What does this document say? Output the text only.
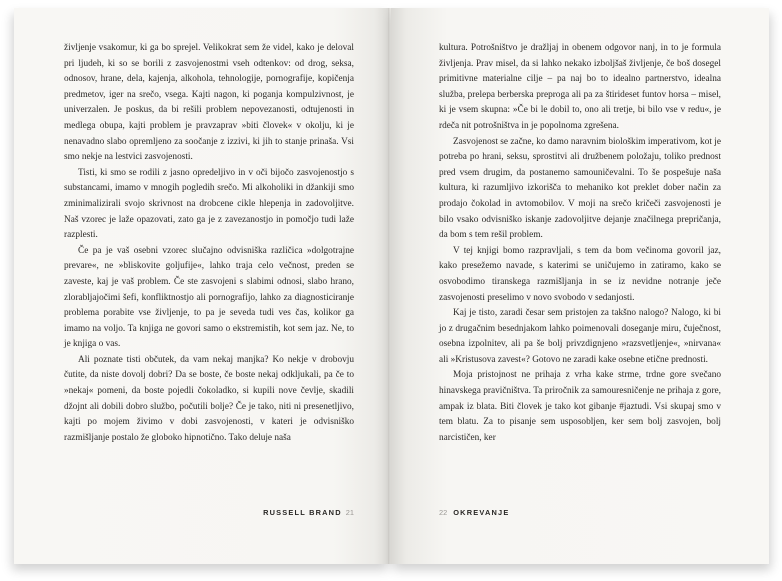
življenje vsakomur, ki ga bo sprejel. Velikokrat sem že videl, kako je deloval pri ljudeh, ki so se borili z zasvojenostmi vseh odtenkov: od drog, seksa, odnosov, hrane, dela, kajenja, alkohola, tehnologije, pornografije, kopičenja predmetov, iger na srečo, vsega. Kajti nagon, ki poganja kompulzivnost, je univerzalen. Je poskus, da bi rešili problem nepovezanosti, odtujenosti in medlega obupa, kajti problem je pravzaprav »biti človek« v okolju, ki je nenavadno slabo opremljeno za soočanje z izzivi, ki jih to stanje prinaša. Vsi smo nekje na lestvici zasvojenosti.

Tisti, ki smo se rodili z jasno opredeljivo in v oči bijočo zasvojenostjo s substancami, imamo v mnogih pogledih srečo. Mi alkoholiki in džankiji smo zminimalizirali svojo skrivnost na drobcene cikle hlepenja in zadovoljitve. Naš vzorec je laže opazovati, zato ga je z zavezanostjo in pomočjo tudi laže razplesti.

Če pa je vaš osebni vzorec slučajno odvisniška različica »dolgotrajne prevare«, ne »bliskovite goljufije«, lahko traja celo večnost, preden se zaveste, kaj je vaš problem. Če ste zasvojeni s slabimi odnosi, slabo hrano, zlorabljajočimi šefi, konfliktnostjo ali pornografijo, lahko za diagnosticiranje problema porabite vse življenje, to pa je seveda tudi ves čas, kolikor ga imamo na voljo. Ta knjiga ne govori samo o ekstremistih, kot sem jaz. Ne, to je knjiga o vas.

Ali poznate tisti občutek, da vam nekaj manjka? Ko nekje v drobovju čutite, da niste dovolj dobri? Da se boste, če boste nekaj odkljukali, pa če to »nekaj« pomeni, da boste pojedli čokoladko, si kupili nove čevlje, skadili džojnt ali dobili dobro službo, počutili bolje? Če je tako, niti ni presenetljivo, kajti po mojem živimo v dobi zasvojenosti, v kateri je odvisniško razmišljanje postalo že globoko hipnotično. Tako deluje naša

RUSSELL BRAND 21

kultura. Potrošništvo je dražljaj in obenem odgovor nanj, in to je formula življenja. Prav misel, da si lahko nekako izboljšaš življenje, če boš dosegel primitivne materialne cilje – pa naj bo to idealno partnerstvo, idealna služba, prelepa berberska preproga ali pa za štirideset funtov horsa – misel, ki je vsem skupna: »Če bi le dobil to, ono ali tretje, bi bilo vse v redu«, je rdeča nit potrošništva in je popolnoma zgrešena.

Zasvojenost se začne, ko damo naravnim biološkim imperativom, kot je potreba po hrani, seksu, sprostitvi ali družbenem položaju, toliko prednost pred vsem drugim, da postanemo samouničevalni. To še pospešuje naša kultura, ki razumljivo izkorišča to mehaniko kot preklet dober način za prodajo čokolad in avtomobilov. V moji na srečo kričeči zasvojenosti je bilo vsako odvisniško iskanje zadovoljitve dejanje značilnega prepričanja, da bom s tem rešil problem.

V tej knjigi bomo razpravljali, s tem da bom večinoma govoril jaz, kako presežemo navade, s katerimi se uničujemo in zatiramo, kako se osvobodimo tiranskega razmišljanja in se iz nevidne notranje ječe zasvojenosti preselimo v novo svobodo v sedanjosti.

Kaj je tisto, zaradi česar sem pristojen za takšno nalogo? Nalogo, ki bi jo z drugačnim besednjakom lahko poimenovali doseganje miru, čuječnost, osebna izpolnitev, ali pa še bolj privzdignjeno »razsvetljenje«, »nirvana« ali »Kristusova zavest«? Gotovo ne zaradi kake osebne etične prednosti.

Moja pristojnost ne prihaja z vrha kake strme, trdne gore svečano hinavskega pravičništva. Ta priročnik za samouresničenje ne prihaja z gore, ampak iz blata. Biti človek je tako kot gibanje #jaztudi. Vsi skupaj smo v tem blatu. Za to pisanje sem usposobljen, ker sem bolj zasvojen, bolj narcističen, ker

22 OKREVANJE
